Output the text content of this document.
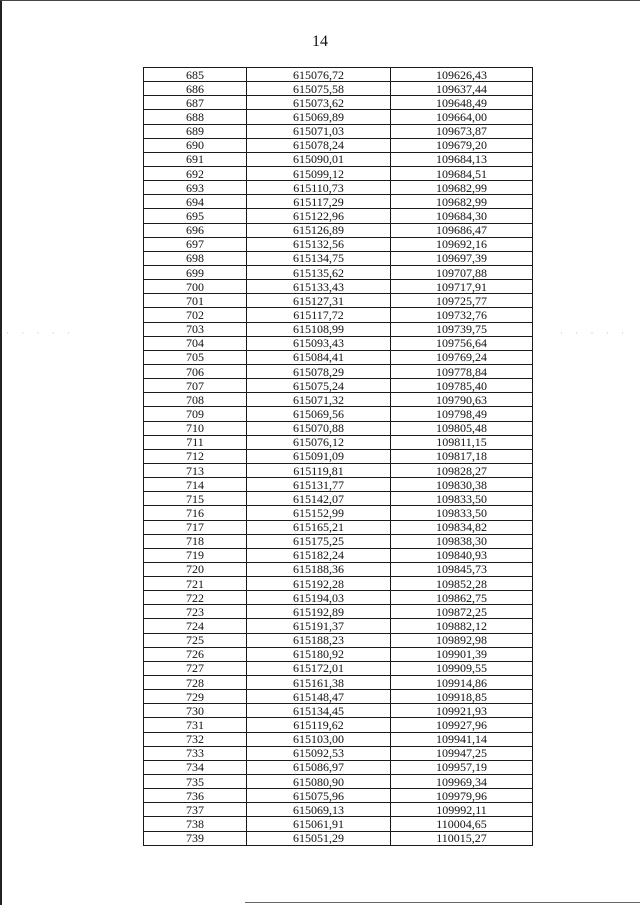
14
685	615076,72	109626,43
686	615075,58	109637,44
687	615073,62	109648,49
688	615069,89	109664,00
689	615071,03	109673,87
690	615078,24	109679,20
691	615090,01	109684,13
692	615099,12	109684,51
693	615110,73	109682,99
694	615117,29	109682,99
695	615122,96	109684,30
696	615126,89	109686,47
697	615132,56	109692,16
698	615134,75	109697,39
699	615135,62	109707,88
700	615133,43	109717,91
701	615127,31	109725,77
702	615117,72	109732,76
703	615108,99	109739,75
704	615093,43	109756,64
705	615084,41	109769,24
706	615078,29	109778,84
707	615075,24	109785,40
708	615071,32	109790,63
709	615069,56	109798,49
710	615070,88	109805,48
711	615076,12	109811,15
712	615091,09	109817,18
713	615119,81	109828,27
714	615131,77	109830,38
715	615142,07	109833,50
716	615152,99	109833,50
717	615165,21	109834,82
718	615175,25	109838,30
719	615182,24	109840,93
720	615188,36	109845,73
721	615192,28	109852,28
722	615194,03	109862,75
723	615192,89	109872,25
724	615191,37	109882,12
725	615188,23	109892,98
726	615180,92	109901,39
727	615172,01	109909,55
728	615161,38	109914,86
729	615148,47	109918,85
730	615134,45	109921,93
731	615119,62	109927,96
732	615103,00	109941,14
733	615092,53	109947,25
734	615086,97	109957,19
735	615080,90	109969,34
736	615075,96	109979,96
737	615069,13	109992,11
738	615061,91	110004,65
739	615051,29	110015,27
· · · · ·	· · · · ·
